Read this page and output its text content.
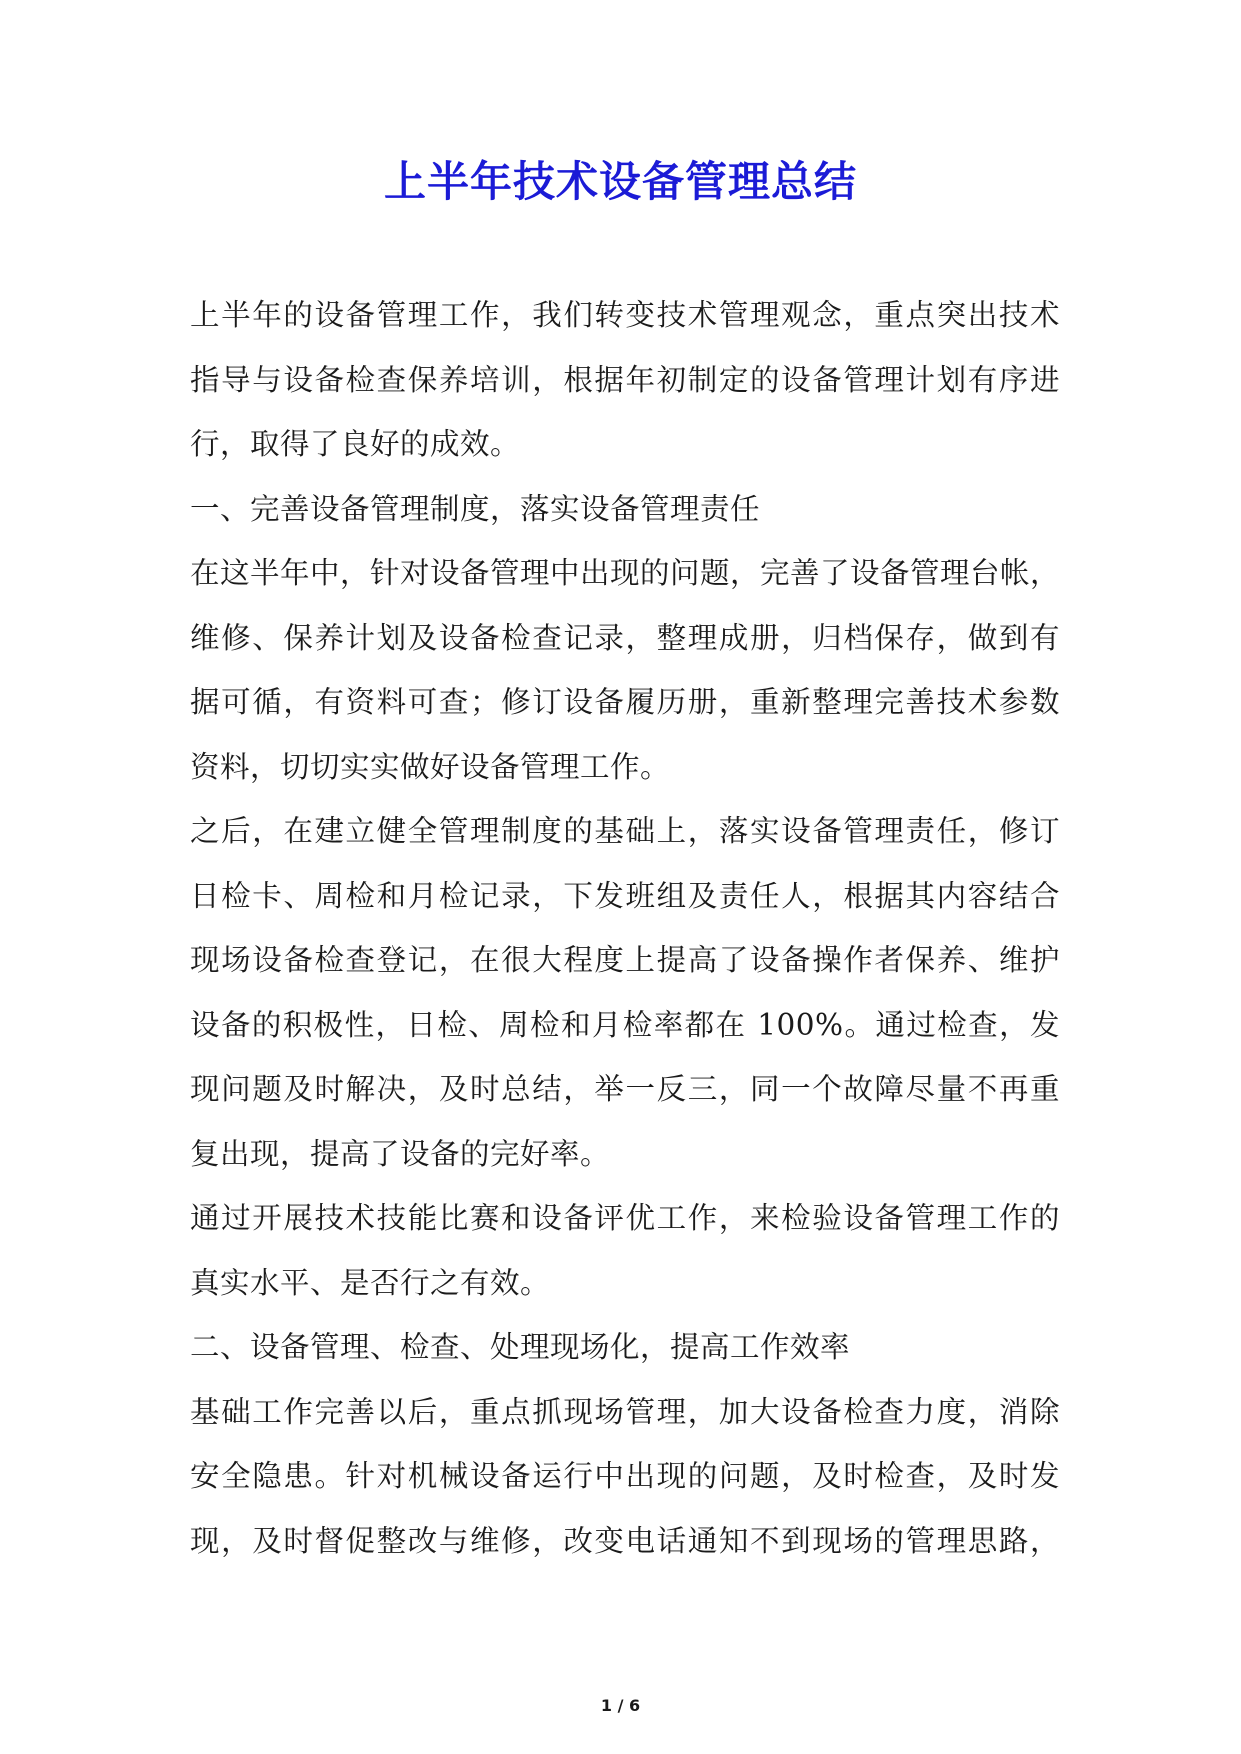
上半年技术设备管理总结
上半年的设备管理工作，我们转变技术管理观念，重点突出技术
指导与设备检查保养培训，根据年初制定的设备管理计划有序进
行，取得了良好的成效。
一、完善设备管理制度，落实设备管理责任
在这半年中，针对设备管理中出现的问题，完善了设备管理台帐，
维修、保养计划及设备检查记录，整理成册，归档保存，做到有
据可循，有资料可查；修订设备履历册，重新整理完善技术参数
资料，切切实实做好设备管理工作。
之后，在建立健全管理制度的基础上，落实设备管理责任，修订
日检卡、周检和月检记录，下发班组及责任人，根据其内容结合
现场设备检查登记，在很大程度上提高了设备操作者保养、维护
设备的积极性，日检、周检和月检率都在 100%。通过检查，发
现问题及时解决，及时总结，举一反三，同一个故障尽量不再重
复出现，提高了设备的完好率。
通过开展技术技能比赛和设备评优工作，来检验设备管理工作的
真实水平、是否行之有效。
二、设备管理、检查、处理现场化，提高工作效率
基础工作完善以后，重点抓现场管理，加大设备检查力度，消除
安全隐患。针对机械设备运行中出现的问题，及时检查，及时发
现，及时督促整改与维修，改变电话通知不到现场的管理思路，
1 / 6
